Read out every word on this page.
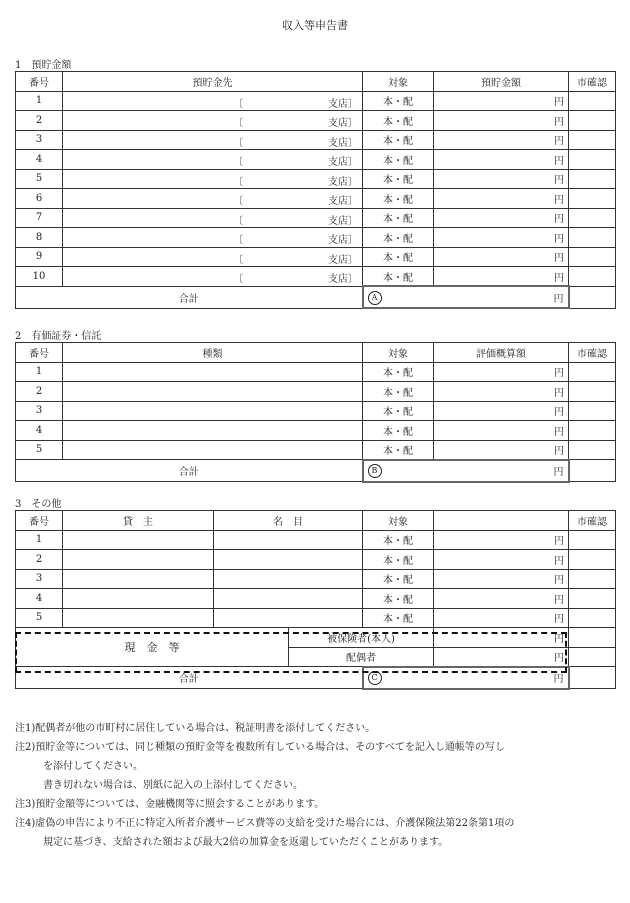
収入等申告書
1　預貯金額
番号	預貯金先	対象	預貯金額	市確認
1	〔 支店〕	本・配	円	
2	〔 支店〕	本・配	円	
3	〔 支店〕	本・配	円	
4	〔 支店〕	本・配	円	
5	〔 支店〕	本・配	円	
6	〔 支店〕	本・配	円	
7	〔 支店〕	本・配	円	
8	〔 支店〕	本・配	円	
9	〔 支店〕	本・配	円	
10	〔 支店〕	本・配	円	
合計		A 円		
2　有価証券・信託
番号	種類	対象	評価概算額	市確認
1		本・配	円	
2		本・配	円	
3		本・配	円	
4		本・配	円	
5		本・配	円	
合計		B 円		
3　その他
番号	貸　主	名　目		対象		市確認
1				本・配	円	
2				本・配	円	
3				本・配	円	
4				本・配	円	
5				本・配	円	
現　金　等			被保険者(本人)		円	
			配偶者		円	
合計				C 円		
注1)配偶者が他の市町村に居住している場合は、税証明書を添付してください。
注2)預貯金等については、同じ種類の預貯金等を複数所有している場合は、そのすべてを記入し通帳等の写し
を添付してください。
書き切れない場合は、別紙に記入の上添付してください。
注3)預貯金額等については、金融機関等に照会することがあります。
注4)虚偽の申告により不正に特定入所者介護サービス費等の支給を受けた場合には、介護保険法第22条第1項の
規定に基づき、支給された額および最大2倍の加算金を返還していただくことがあります。
